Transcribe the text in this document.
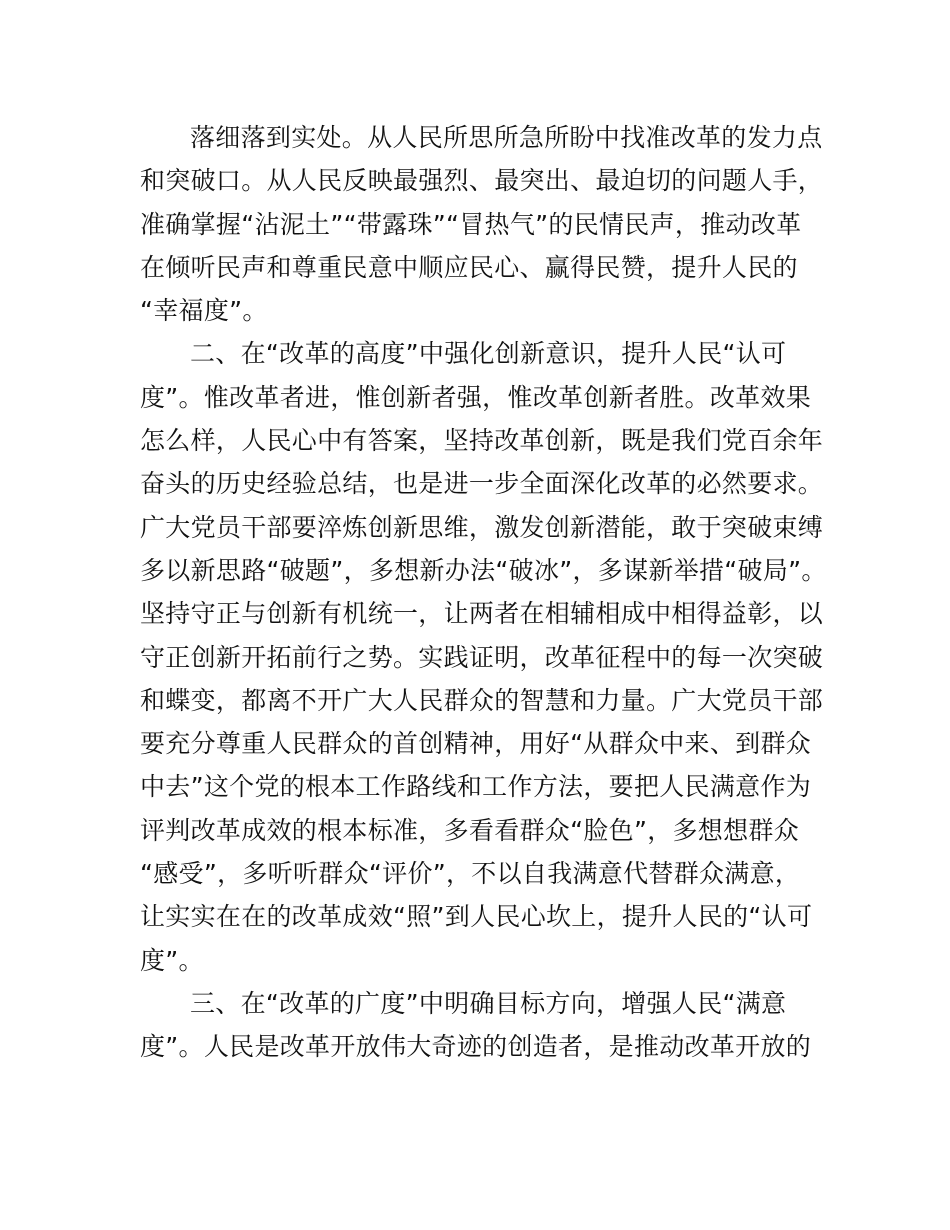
落细落到实处。从人民所思所急所盼中找准改革的发力点
和突破口。从人民反映最强烈、最突出、最迫切的问题人手，
准确掌握“沾泥土”“带露珠”“冒热气”的民情民声，推动改革
在倾听民声和尊重民意中顺应民心、赢得民赞，提升人民的
“幸福度”。
二、在“改革的高度”中强化创新意识，提升人民“认可
度”。惟改革者进，惟创新者强，惟改革创新者胜。改革效果
怎么样，人民心中有答案，坚持改革创新，既是我们党百余年
奋头的历史经验总结，也是进一步全面深化改革的必然要求。
广大党员干部要淬炼创新思维，激发创新潜能，敢于突破束缚
多以新思路“破题”，多想新办法“破冰”，多谋新举措“破局”。
坚持守正与创新有机统一，让两者在相辅相成中相得益彰，以
守正创新开拓前行之势。实践证明，改革征程中的每一次突破
和蝶变，都离不开广大人民群众的智慧和力量。广大党员干部
要充分尊重人民群众的首创精神，用好“从群众中来、到群众
中去”这个党的根本工作路线和工作方法，要把人民满意作为
评判改革成效的根本标准，多看看群众“脸色”，多想想群众
“感受”，多听听群众“评价”，不以自我满意代替群众满意，
让实实在在的改革成效“照”到人民心坎上，提升人民的“认可
度”。
三、在“改革的广度”中明确目标方向，增强人民“满意
度”。人民是改革开放伟大奇迹的创造者，是推动改革开放的
